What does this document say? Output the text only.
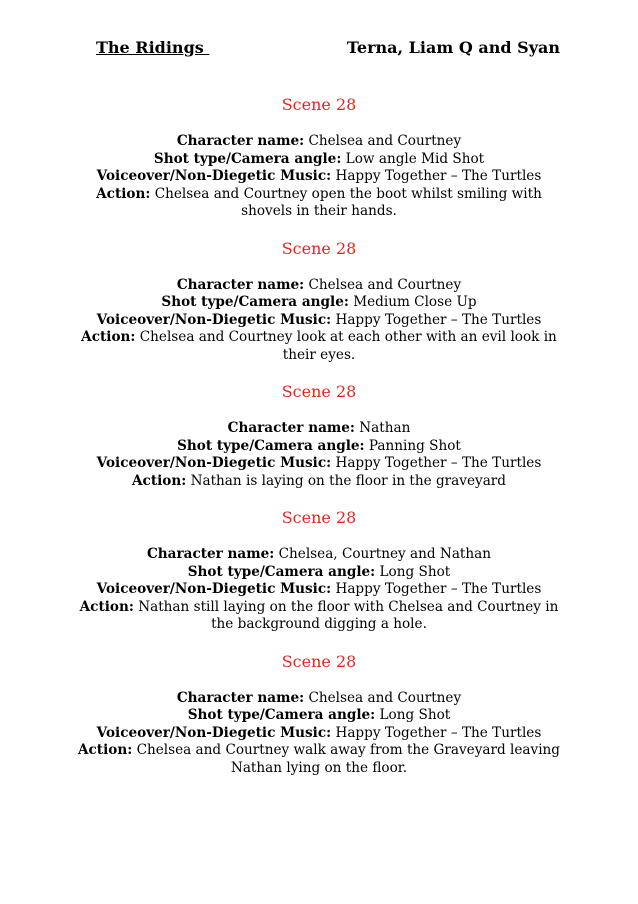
The Ridings	Terna, Liam Q and Syan
Scene 28

Character name: Chelsea and Courtney

Shot type/Camera angle: Low angle Mid Shot

Voiceover/Non-Diegetic Music: Happy Together – The Turtles

Action: Chelsea and Courtney open the boot whilst smiling with

shovels in their hands.

Scene 28

Character name: Chelsea and Courtney

Shot type/Camera angle: Medium Close Up

Voiceover/Non-Diegetic Music: Happy Together – The Turtles

Action: Chelsea and Courtney look at each other with an evil look in

their eyes.

Scene 28

Character name: Nathan

Shot type/Camera angle: Panning Shot

Voiceover/Non-Diegetic Music: Happy Together – The Turtles

Action: Nathan is laying on the floor in the graveyard

Scene 28

Character name: Chelsea, Courtney and Nathan

Shot type/Camera angle: Long Shot

Voiceover/Non-Diegetic Music: Happy Together – The Turtles

Action: Nathan still laying on the floor with Chelsea and Courtney in

the background digging a hole.

Scene 28

Character name: Chelsea and Courtney

Shot type/Camera angle: Long Shot

Voiceover/Non-Diegetic Music: Happy Together – The Turtles

Action: Chelsea and Courtney walk away from the Graveyard leaving

Nathan lying on the floor.
